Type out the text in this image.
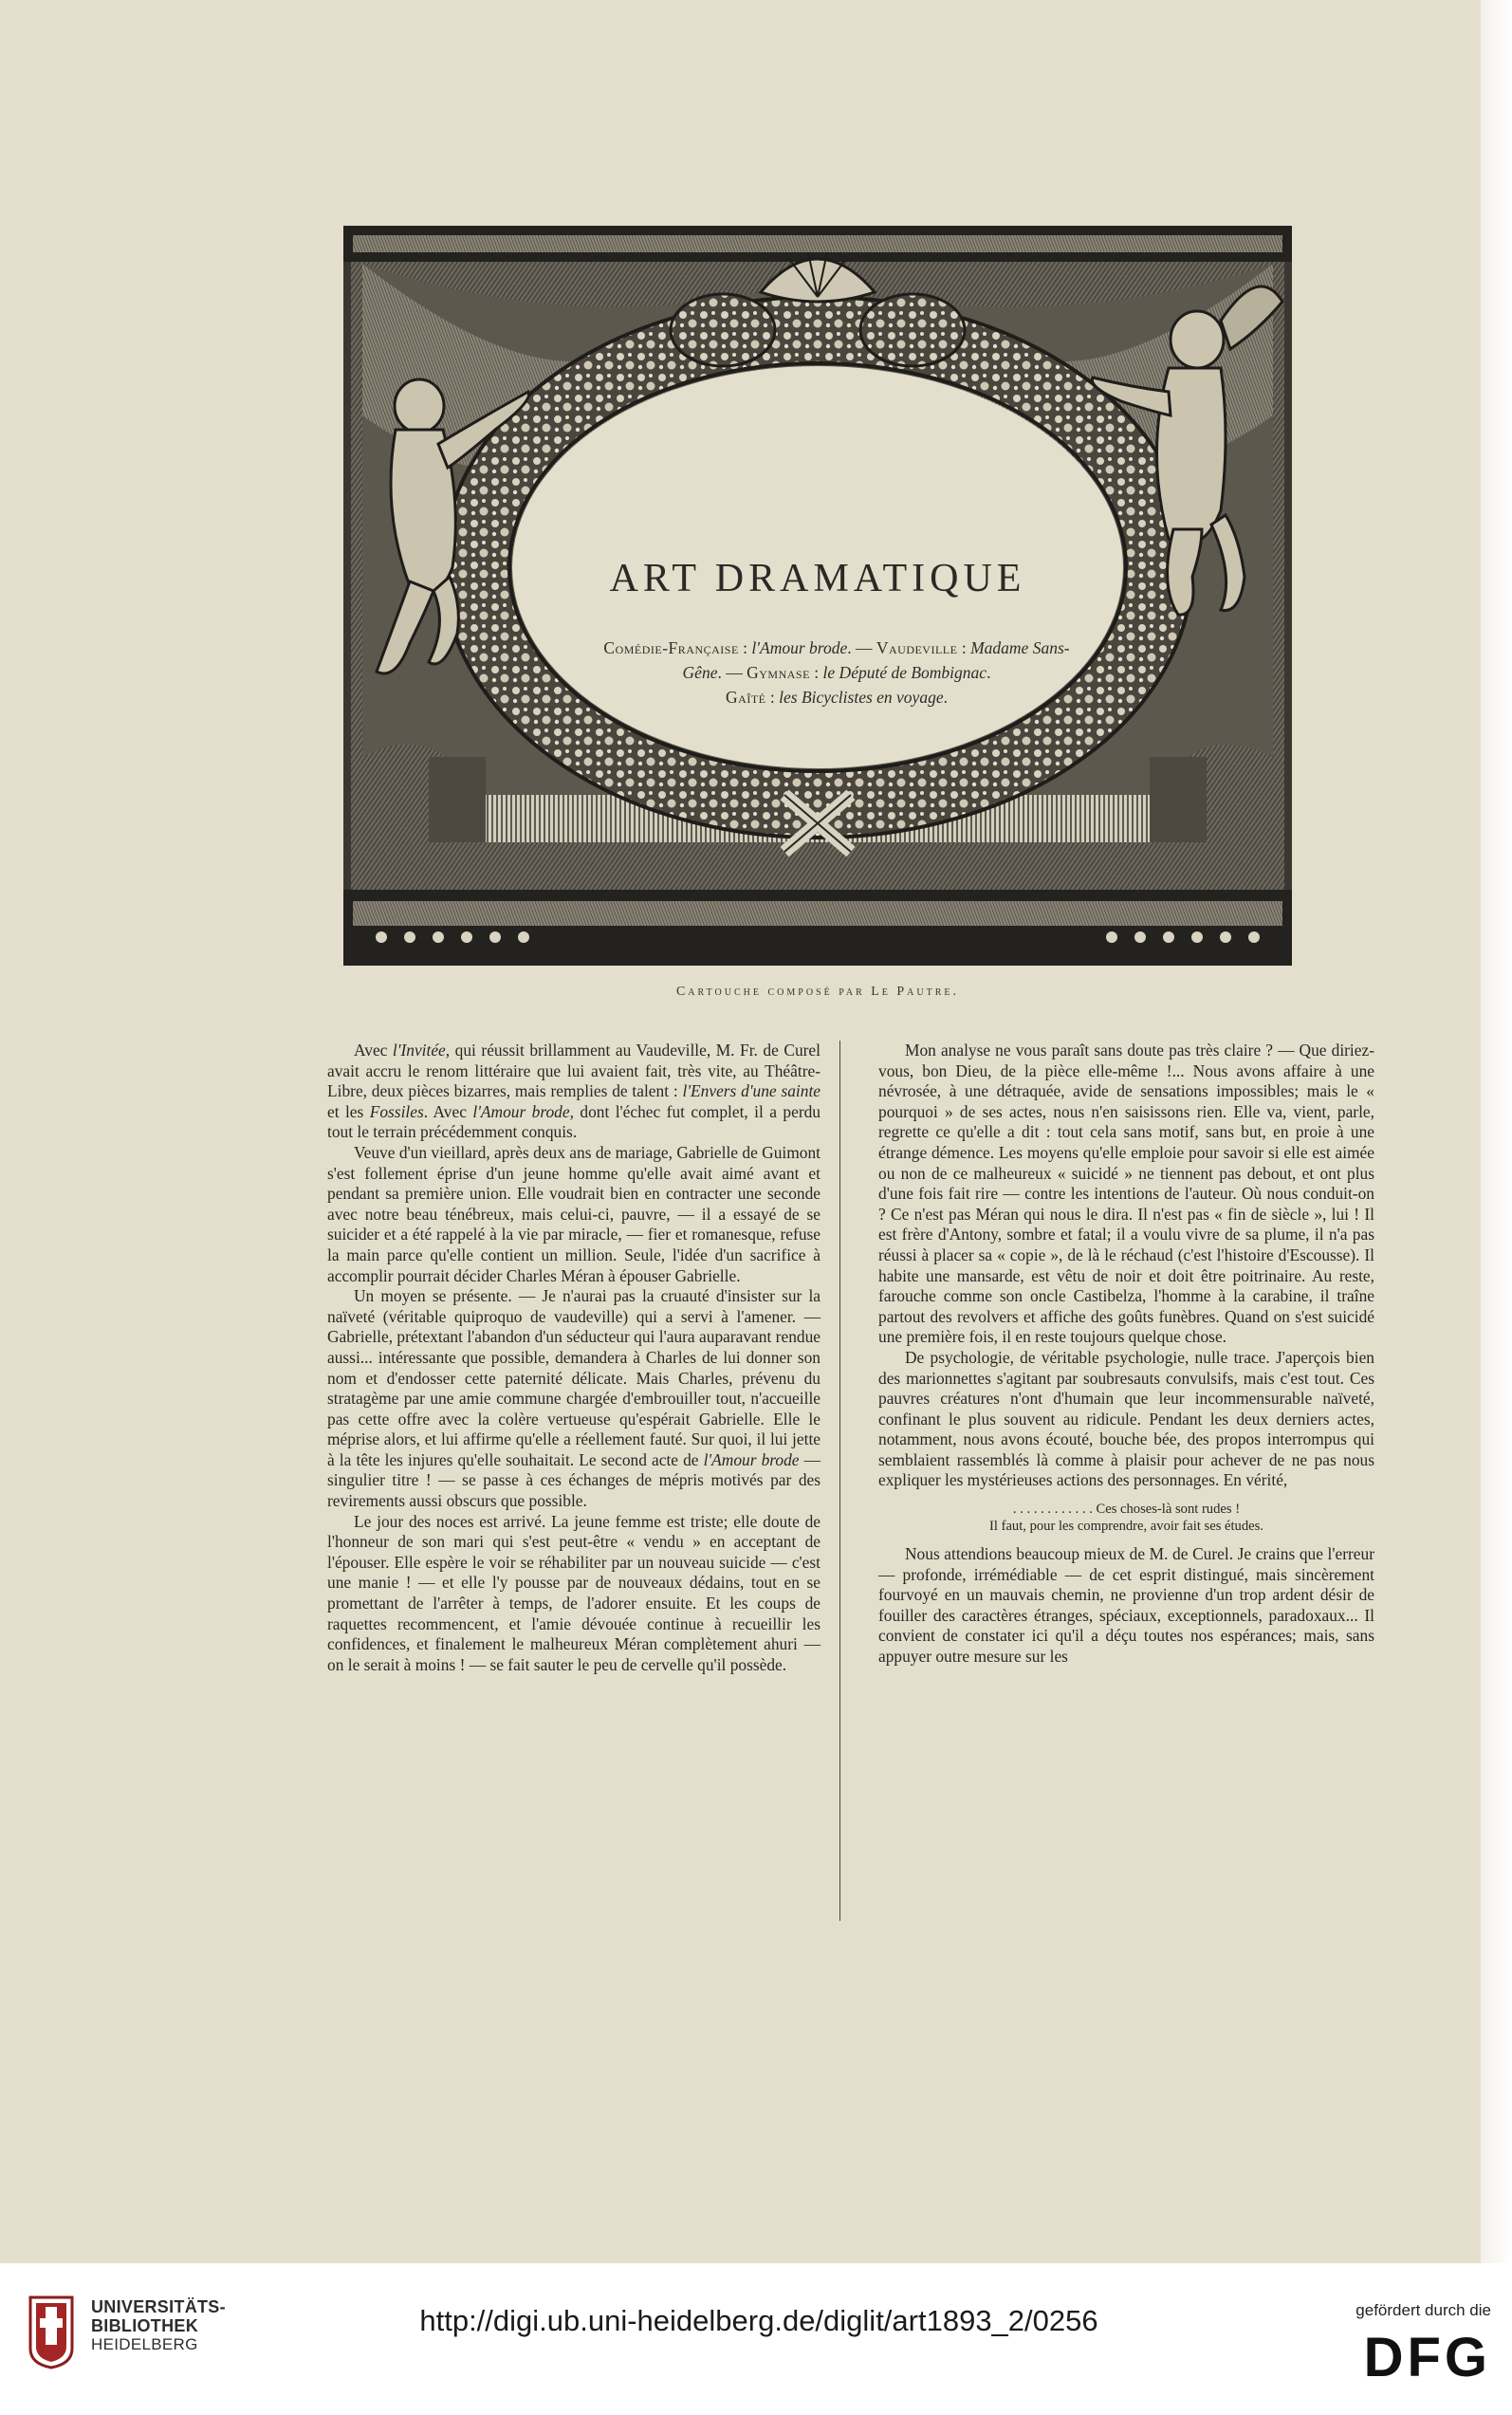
ART DRAMATIQUE
Comédie-Française : l'Amour brode. — Vaudeville : Madame Sans-
Gêne. — Gymnase : le Député de Bombignac.
Gaîté : les Bicyclistes en voyage.
Cartouche composé par Le Pautre.

Avec l'Invitée, qui réussit brillamment au Vaudeville, M. Fr. de Curel avait accru le renom littéraire que lui avaient fait, très vite, au Théâtre-Libre, deux pièces bizarres, mais remplies de talent : l'Envers d'une sainte et les Fossiles. Avec l'Amour brode, dont l'échec fut complet, il a perdu tout le terrain précédemment conquis.

Veuve d'un vieillard, après deux ans de mariage, Gabrielle de Guimont s'est follement éprise d'un jeune homme qu'elle avait aimé avant et pendant sa première union. Elle voudrait bien en contracter une seconde avec notre beau ténébreux, mais celui-ci, pauvre, — il a essayé de se suicider et a été rappelé à la vie par miracle, — fier et romanesque, refuse la main parce qu'elle contient un million. Seule, l'idée d'un sacrifice à accomplir pourrait décider Charles Méran à épouser Gabrielle.

Un moyen se présente. — Je n'aurai pas la cruauté d'insister sur la naïveté (véritable quiproquo de vaudeville) qui a servi à l'amener. — Gabrielle, prétextant l'abandon d'un séducteur qui l'aura auparavant rendue aussi... intéressante que possible, demandera à Charles de lui donner son nom et d'endosser cette paternité délicate. Mais Charles, prévenu du stratagème par une amie commune chargée d'embrouiller tout, n'accueille pas cette offre avec la colère vertueuse qu'espérait Gabrielle. Elle le méprise alors, et lui affirme qu'elle a réellement fauté. Sur quoi, il lui jette à la tête les injures qu'elle souhaitait. Le second acte de l'Amour brode — singulier titre ! — se passe à ces échanges de mépris motivés par des revirements aussi obscurs que possible.

Le jour des noces est arrivé. La jeune femme est triste; elle doute de l'honneur de son mari qui s'est peut-être « vendu » en acceptant de l'épouser. Elle espère le voir se réhabiliter par un nouveau suicide — c'est une manie ! — et elle l'y pousse par de nouveaux dédains, tout en se promettant de l'arrêter à temps, de l'adorer ensuite. Et les coups de raquettes recommencent, et l'amie dévouée continue à recueillir les confidences, et finalement le malheureux Méran complètement ahuri — on le serait à moins ! — se fait sauter le peu de cervelle qu'il possède.

Mon analyse ne vous paraît sans doute pas très claire ? — Que diriez-vous, bon Dieu, de la pièce elle-même !... Nous avons affaire à une névrosée, à une détraquée, avide de sensations impossibles; mais le « pourquoi » de ses actes, nous n'en saisissons rien. Elle va, vient, parle, regrette ce qu'elle a dit : tout cela sans motif, sans but, en proie à une étrange démence. Les moyens qu'elle emploie pour savoir si elle est aimée ou non de ce malheureux « suicidé » ne tiennent pas debout, et ont plus d'une fois fait rire — contre les intentions de l'auteur. Où nous conduit-on ? Ce n'est pas Méran qui nous le dira. Il n'est pas « fin de siècle », lui ! Il est frère d'Antony, sombre et fatal; il a voulu vivre de sa plume, il n'a pas réussi à placer sa « copie », de là le réchaud (c'est l'histoire d'Escousse). Il habite une mansarde, est vêtu de noir et doit être poitrinaire. Au reste, farouche comme son oncle Castibelza, l'homme à la carabine, il traîne partout des revolvers et affiche des goûts funèbres. Quand on s'est suicidé une première fois, il en reste toujours quelque chose.

De psychologie, de véritable psychologie, nulle trace. J'aperçois bien des marionnettes s'agitant par soubresauts convulsifs, mais c'est tout. Ces pauvres créatures n'ont d'humain que leur incommensurable naïveté, confinant le plus souvent au ridicule. Pendant les deux derniers actes, notamment, nous avons écouté, bouche bée, des propos interrompus qui semblaient rassemblés là comme à plaisir pour achever de ne pas nous expliquer les mystérieuses actions des personnages. En vérité,

. . . . . . . . . . . . Ces choses-là sont rudes !
Il faut, pour les comprendre, avoir fait ses études.

Nous attendions beaucoup mieux de M. de Curel. Je crains que l'erreur — profonde, irrémédiable — de cet esprit distingué, mais sincèrement fourvoyé en un mauvais chemin, ne provienne d'un trop ardent désir de fouiller des caractères étranges, spéciaux, exceptionnels, paradoxaux... Il convient de constater ici qu'il a déçu toutes nos espérances; mais, sans appuyer outre mesure sur les

UNIVERSITÄTS-
BIBLIOTHEK
HEIDELBERG
http://digi.ub.uni-heidelberg.de/diglit/art1893_2/0256	gefördert durch die
DFG
